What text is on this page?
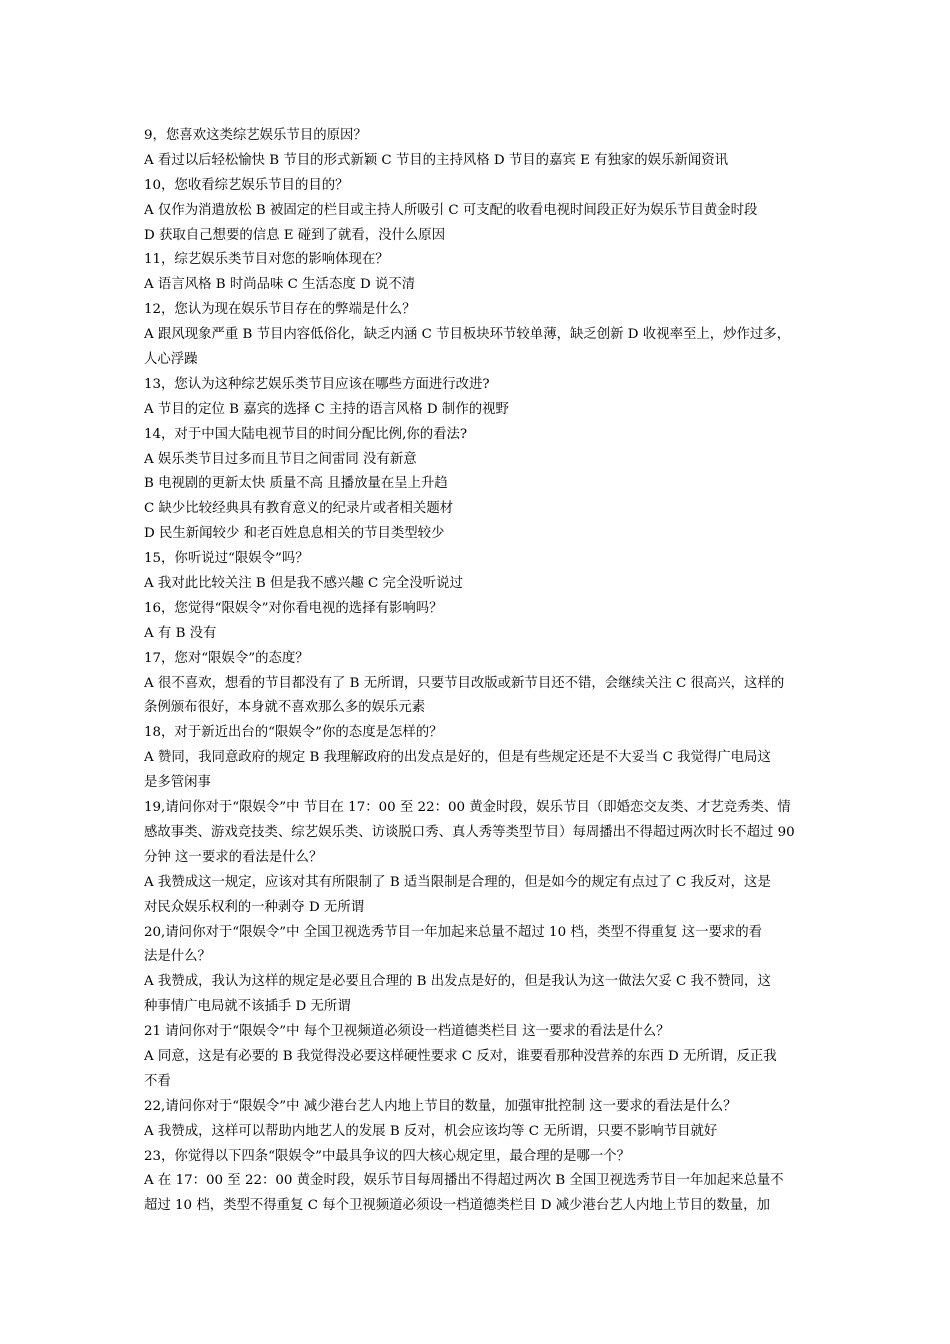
9，您喜欢这类综艺娱乐节目的原因？
A 看过以后轻松愉快 B 节目的形式新颖 C 节目的主持风格 D 节目的嘉宾 E 有独家的娱乐新闻资讯
10，您收看综艺娱乐节目的目的？
A 仅作为消遣放松 B 被固定的栏目或主持人所吸引 C 可支配的收看电视时间段正好为娱乐节目黄金时段
D 获取自己想要的信息 E 碰到了就看，没什么原因
11，综艺娱乐类节目对您的影响体现在？
A 语言风格 B 时尚品味 C 生活态度 D 说不清
12，您认为现在娱乐节目存在的弊端是什么？
A 跟风现象严重 B 节目内容低俗化，缺乏内涵 C 节目板块环节较单薄，缺乏创新 D 收视率至上，炒作过多，
人心浮躁
13，您认为这种综艺娱乐类节目应该在哪些方面进行改进?
A 节目的定位 B 嘉宾的选择 C 主持的语言风格 D 制作的视野
14，对于中国大陆电视节目的时间分配比例,你的看法?
A 娱乐类节目过多而且节目之间雷同 没有新意
B 电视剧的更新太快 质量不高 且播放量在呈上升趋
C 缺少比较经典具有教育意义的纪录片或者相关题材
D 民生新闻较少 和老百姓息息相关的节目类型较少
15，你听说过“限娱令”吗？
A 我对此比较关注 B 但是我不感兴趣 C 完全没听说过
16，您觉得“限娱令”对你看电视的选择有影响吗？
A 有 B 没有
17，您对“限娱令”的态度？
A 很不喜欢，想看的节目都没有了 B 无所谓，只要节目改版或新节目还不错，会继续关注 C 很高兴，这样的
条例颁布很好，本身就不喜欢那么多的娱乐元素
18，对于新近出台的“限娱令”你的态度是怎样的？
A 赞同，我同意政府的规定 B 我理解政府的出发点是好的，但是有些规定还是不大妥当 C 我觉得广电局这
是多管闲事
19,请问你对于“限娱令”中 节目在 17：00 至 22：00 黄金时段，娱乐节目（即婚恋交友类、才艺竞秀类、情
感故事类、游戏竞技类、综艺娱乐类、访谈脱口秀、真人秀等类型节目）每周播出不得超过两次时长不超过 90
分钟 这一要求的看法是什么？
A 我赞成这一规定，应该对其有所限制了 B 适当限制是合理的，但是如今的规定有点过了 C 我反对，这是
对民众娱乐权利的一种剥夺 D 无所谓
20,请问你对于“限娱令”中 全国卫视选秀节目一年加起来总量不超过 10 档，类型不得重复 这一要求的看
法是什么？
A 我赞成，我认为这样的规定是必要且合理的 B 出发点是好的，但是我认为这一做法欠妥 C 我不赞同，这
种事情广电局就不该插手 D 无所谓
21 请问你对于“限娱令”中 每个卫视频道必须设一档道德类栏目 这一要求的看法是什么？
A 同意，这是有必要的 B 我觉得没必要这样硬性要求 C 反对，谁要看那种没营养的东西 D 无所谓，反正我
不看
22,请问你对于“限娱令”中 减少港台艺人内地上节目的数量，加强审批控制 这一要求的看法是什么？
A 我赞成，这样可以帮助内地艺人的发展 B 反对，机会应该均等 C 无所谓，只要不影响节目就好
23，你觉得以下四条“限娱令”中最具争议的四大核心规定里，最合理的是哪一个？
A 在 17：00 至 22：00 黄金时段，娱乐节目每周播出不得超过两次 B 全国卫视选秀节目一年加起来总量不
超过 10 档，类型不得重复 C 每个卫视频道必须设一档道德类栏目 D 减少港台艺人内地上节目的数量，加
